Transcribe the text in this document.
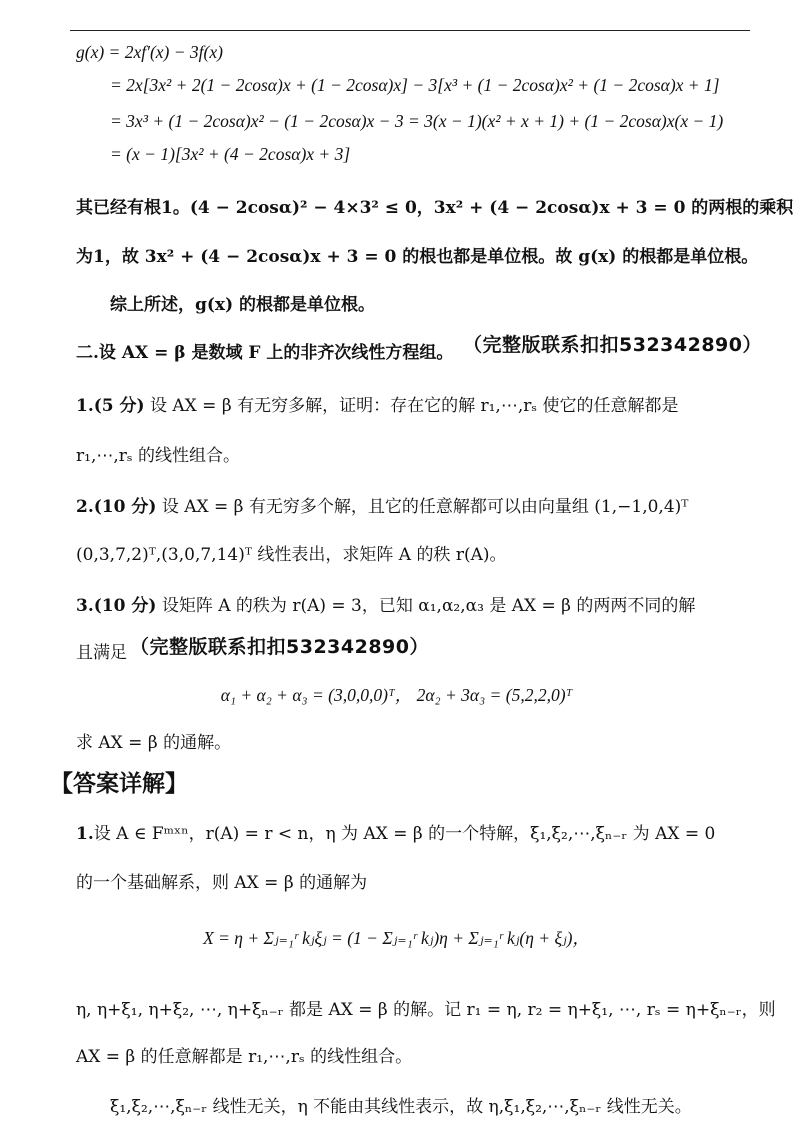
g(x) = 2xf′(x) − 3f(x)
= 2x[3x² + 2(1 − 2cosα)x + (1 − 2cosα)x] − 3[x³ + (1 − 2cosα)x² + (1 − 2cosα)x + 1]
= 3x³ + (1 − 2cosα)x² − (1 − 2cosα)x − 3 = 3(x − 1)(x² + x + 1) + (1 − 2cosα)x(x − 1)
= (x − 1)[3x² + (4 − 2cosα)x + 3]
其已经有根1。(4 − 2cosα)² − 4×3² ≤ 0，3x² + (4 − 2cosα)x + 3 = 0 的两根的乘积
为1，故 3x² + (4 − 2cosα)x + 3 = 0 的根也都是单位根。故 g(x) 的根都是单位根。
综上所述，g(x) 的根都是单位根。
二.设 AX = β 是数域 F 上的非齐次线性方程组。 （完整版联系扣扣532342890）
1.(5 分) 设 AX = β 有无穷多解，证明：存在它的解 r₁,⋯,rₛ 使它的任意解都是
r₁,⋯,rₛ 的线性组合。
2.(10 分) 设 AX = β 有无穷多个解，且它的任意解都可以由向量组 (1,−1,0,4)ᵀ
(0,3,7,2)ᵀ,(3,0,7,14)ᵀ 线性表出，求矩阵 A 的秩 r(A)。
3.(10 分) 设矩阵 A 的秩为 r(A) = 3，已知 α₁,α₂,α₃ 是 AX = β 的两两不同的解
且满足 （完整版联系扣扣532342890）
α₁ + α₂ + α₃ = (3,0,0,0)ᵀ， 2α₂ + 3α₃ = (5,2,2,0)ᵀ
求 AX = β 的通解。
【答案详解】
1.设 A ∈ Fᵐˣⁿ，r(A) = r < n，η 为 AX = β 的一个特解，ξ₁,ξ₂,⋯,ξₙ₋ᵣ 为 AX = 0
的一个基础解系，则 AX = β 的通解为
X = η + Σⱼ₌₁ʳ kⱼξⱼ = (1 − Σⱼ₌₁ʳ kⱼ)η + Σⱼ₌₁ʳ kⱼ(η + ξⱼ)，
η, η+ξ₁, η+ξ₂, ⋯, η+ξₙ₋ᵣ 都是 AX = β 的解。记 r₁ = η, r₂ = η+ξ₁, ⋯, rₛ = η+ξₙ₋ᵣ，则
AX = β 的任意解都是 r₁,⋯,rₛ 的线性组合。
ξ₁,ξ₂,⋯,ξₙ₋ᵣ 线性无关，η 不能由其线性表示，故 η,ξ₁,ξ₂,⋯,ξₙ₋ᵣ 线性无关。
